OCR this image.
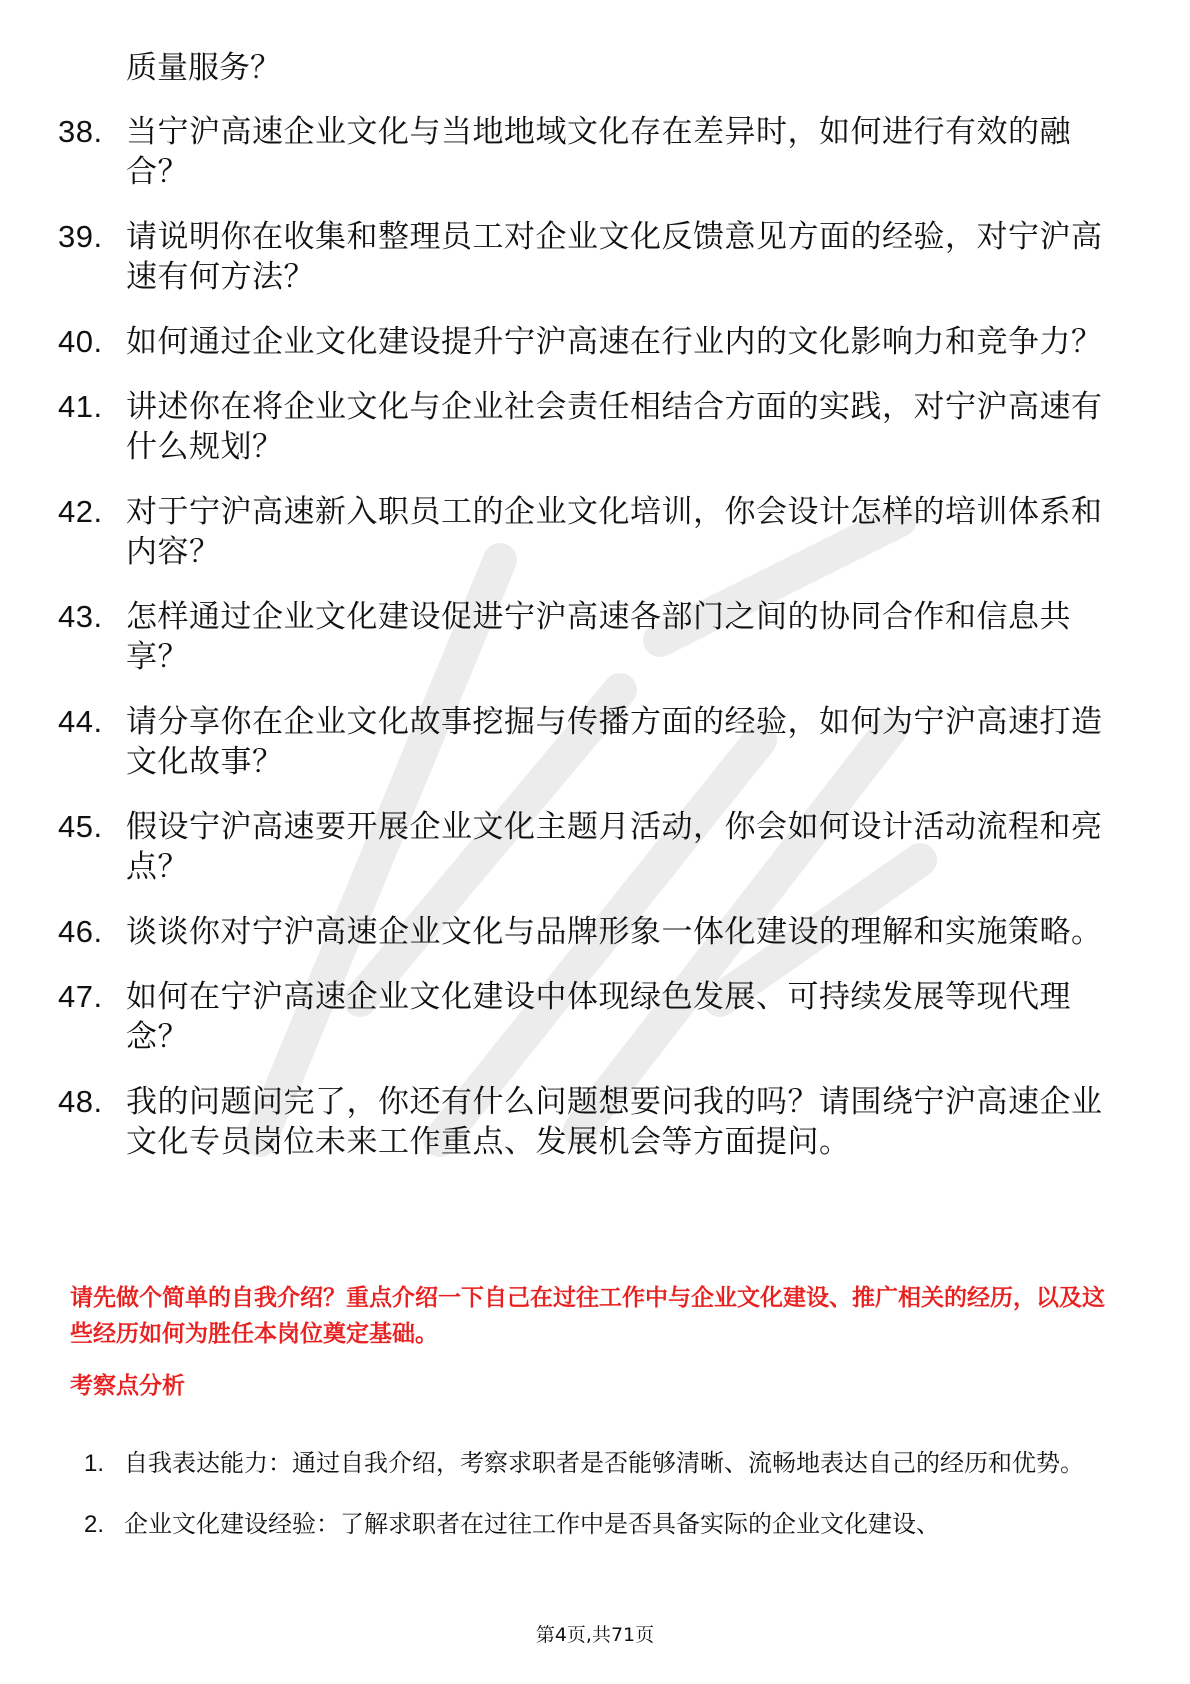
质量服务？

38. 当宁沪高速企业文化与当地地域文化存在差异时，如何进行有效的融合？
39. 请说明你在收集和整理员工对企业文化反馈意见方面的经验，对宁沪高速有何方法？
40. 如何通过企业文化建设提升宁沪高速在行业内的文化影响力和竞争力？
41. 讲述你在将企业文化与企业社会责任相结合方面的实践，对宁沪高速有什么规划？
42. 对于宁沪高速新入职员工的企业文化培训，你会设计怎样的培训体系和内容？
43. 怎样通过企业文化建设促进宁沪高速各部门之间的协同合作和信息共享？
44. 请分享你在企业文化故事挖掘与传播方面的经验，如何为宁沪高速打造文化故事？
45. 假设宁沪高速要开展企业文化主题月活动，你会如何设计活动流程和亮点？
46. 谈谈你对宁沪高速企业文化与品牌形象一体化建设的理解和实施策略。
47. 如何在宁沪高速企业文化建设中体现绿色发展、可持续发展等现代理念？
48. 我的问题问完了，你还有什么问题想要问我的吗？请围绕宁沪高速企业文化专员岗位未来工作重点、发展机会等方面提问。

请先做个简单的自我介绍？重点介绍一下自己在过往工作中与企业文化建设、推广相关的经历，以及这些经历如何为胜任本岗位奠定基础。

考察点分析

1. 自我表达能力：通过自我介绍，考察求职者是否能够清晰、流畅地表达自己的经历和优势。
2. 企业文化建设经验：了解求职者在过往工作中是否具备实际的企业文化建设、
第4页,共71页
